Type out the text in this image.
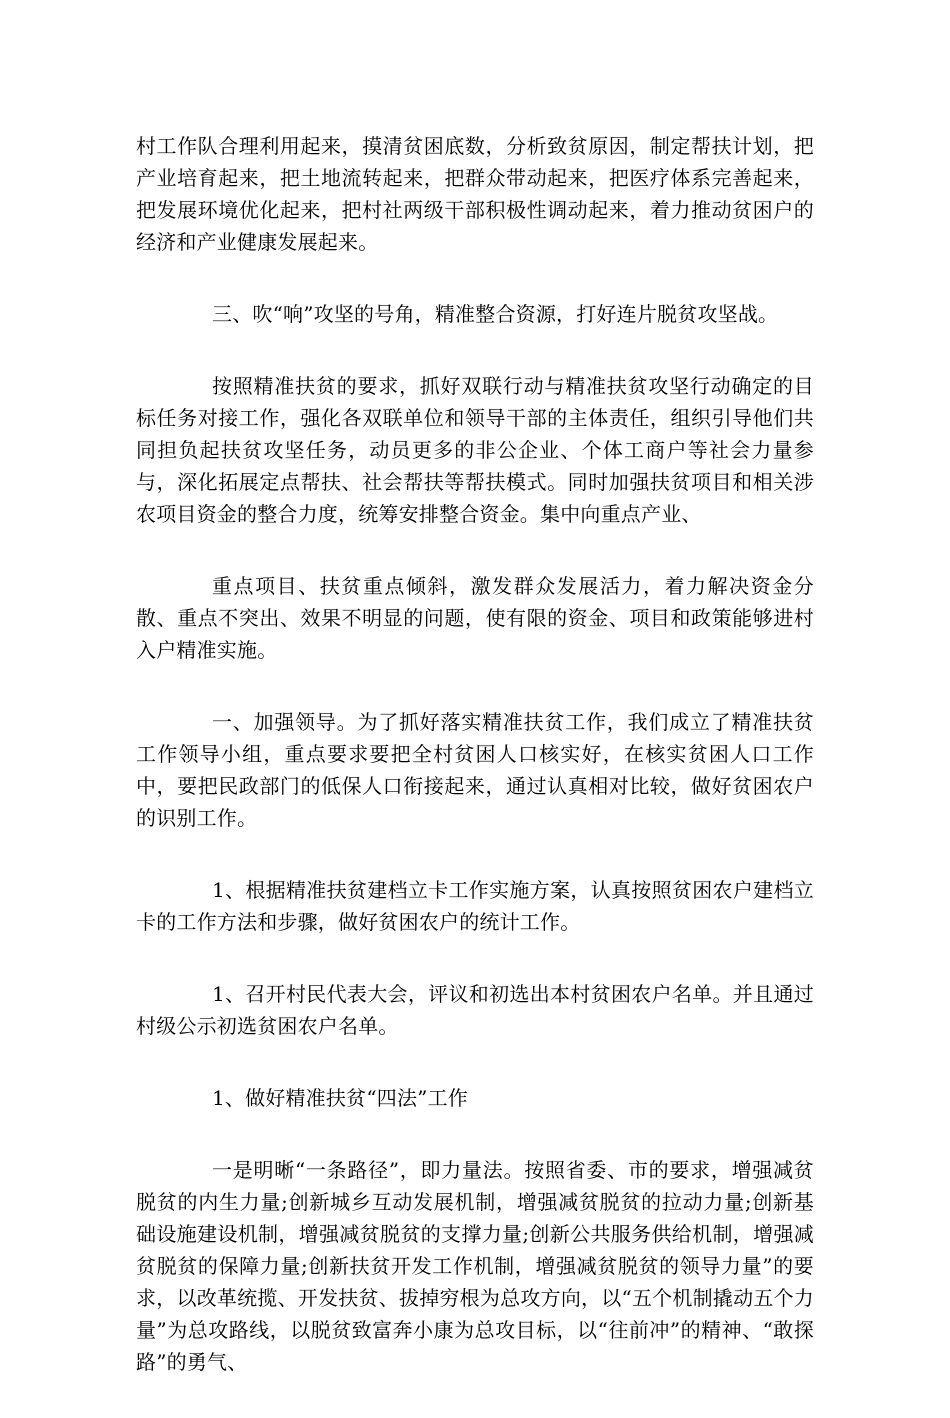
村工作队合理利用起来，摸清贫困底数，分析致贫原因，制定帮扶计划，把产业培育起来，把土地流转起来，把群众带动起来，把医疗体系完善起来，把发展环境优化起来，把村社两级干部积极性调动起来，着力推动贫困户的经济和产业健康发展起来。

三、吹“响”攻坚的号角，精准整合资源，打好连片脱贫攻坚战。

按照精准扶贫的要求，抓好双联行动与精准扶贫攻坚行动确定的目标任务对接工作，强化各双联单位和领导干部的主体责任，组织引导他们共同担负起扶贫攻坚任务，动员更多的非公企业、个体工商户等社会力量参与，深化拓展定点帮扶、社会帮扶等帮扶模式。同时加强扶贫项目和相关涉农项目资金的整合力度，统筹安排整合资金。集中向重点产业、

重点项目、扶贫重点倾斜，激发群众发展活力，着力解决资金分散、重点不突出、效果不明显的问题，使有限的资金、项目和政策能够进村入户精准实施。

一、加强领导。为了抓好落实精准扶贫工作，我们成立了精准扶贫工作领导小组，重点要求要把全村贫困人口核实好，在核实贫困人口工作中，要把民政部门的低保人口衔接起来，通过认真相对比较，做好贫困农户的识别工作。

1、根据精准扶贫建档立卡工作实施方案，认真按照贫困农户建档立卡的工作方法和步骤，做好贫困农户的统计工作。

1、召开村民代表大会，评议和初选出本村贫困农户名单。并且通过村级公示初选贫困农户名单。

1、做好精准扶贫“四法”工作

一是明晰“一条路径”，即力量法。按照省委、市的要求，增强减贫脱贫的内生力量;创新城乡互动发展机制，增强减贫脱贫的拉动力量;创新基础设施建设机制，增强减贫脱贫的支撑力量;创新公共服务供给机制，增强减贫脱贫的保障力量;创新扶贫开发工作机制，增强减贫脱贫的领导力量”的要求，以改革统揽、开发扶贫、拔掉穷根为总攻方向，以“五个机制撬动五个力量”为总攻路线，以脱贫致富奔小康为总攻目标，以“往前冲”的精神、“敢探路”的勇气、
